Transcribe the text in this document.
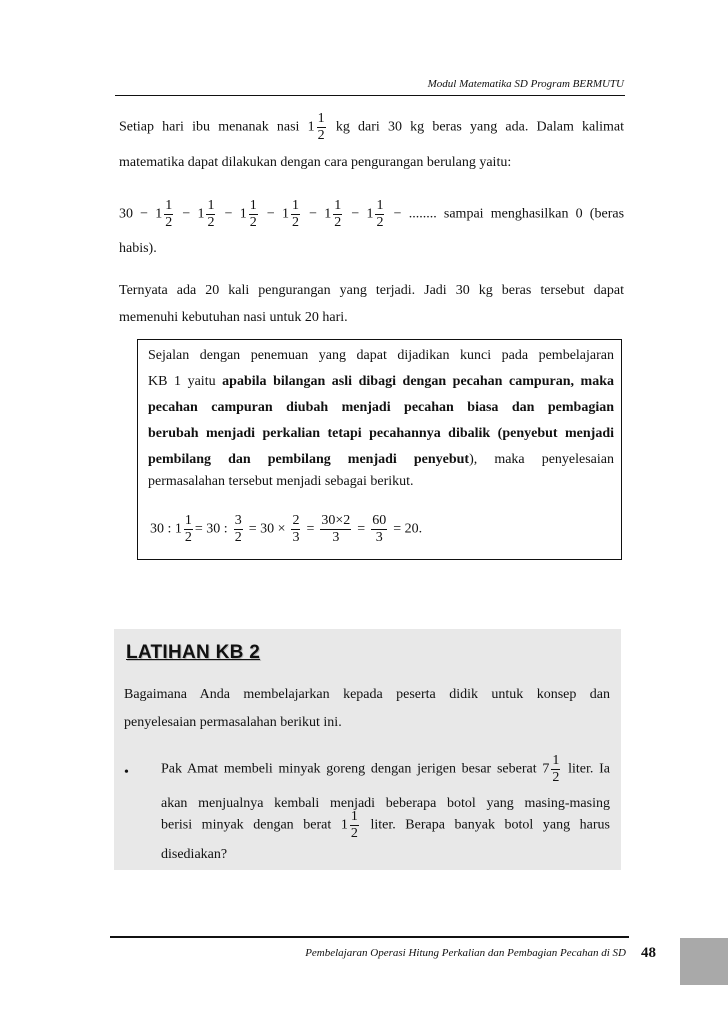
Modul Matematika SD Program BERMUTU
Setiap hari ibu menanak nasi $1 \frac{1}{2}$ kg dari 30 kg beras yang ada. Dalam kalimat
matematika dapat dilakukan dengan cara pengurangan berulang yaitu:
$30 - 1 \frac{1}{2} - 1 \frac{1}{2} - 1 \frac{1}{2} - 1 \frac{1}{2} - 1 \frac{1}{2} - 1 \frac{1}{2}$ − ........ sampai menghasilkan 0 (beras
habis).
Ternyata ada 20 kali pengurangan yang terjadi. Jadi 30 kg beras tersebut dapat
memenuhi kebutuhan nasi untuk 20 hari.
Sejalan dengan penemuan yang dapat dijadikan kunci pada pembelajaran
KB 1 yaitu apabila bilangan asli dibagi dengan pecahan campuran, maka
pecahan campuran diubah menjadi pecahan biasa dan pembagian
berubah menjadi perkalian tetapi pecahannya dibalik (penyebut menjadi
pembilang dan pembilang menjadi penyebut), maka penyelesaian
permasalahan tersebut menjadi sebagai berikut.
30 : $1 \frac{1}{2} = 30$ : $\frac{3}{2} = 30 \times \frac{2}{3} = \frac{30\times 2}{3} = \frac{60}{3} = 20$.
LATIHAN KB 2
Bagaimana Anda membelajarkan kepada peserta didik untuk konsep dan
penyelesaian permasalahan berikut ini.
• Pak Amat membeli minyak goreng dengan jerigen besar seberat $7 \frac{1}{2}$ liter. Ia
akan menjualnya kembali menjadi beberapa botol yang masing-masing
berisi minyak dengan berat $1 \frac{1}{2}$ liter. Berapa banyak botol yang harus
disediakan?
Pembelajaran Operasi Hitung Perkalian dan Pembagian Pecahan di SD 48
